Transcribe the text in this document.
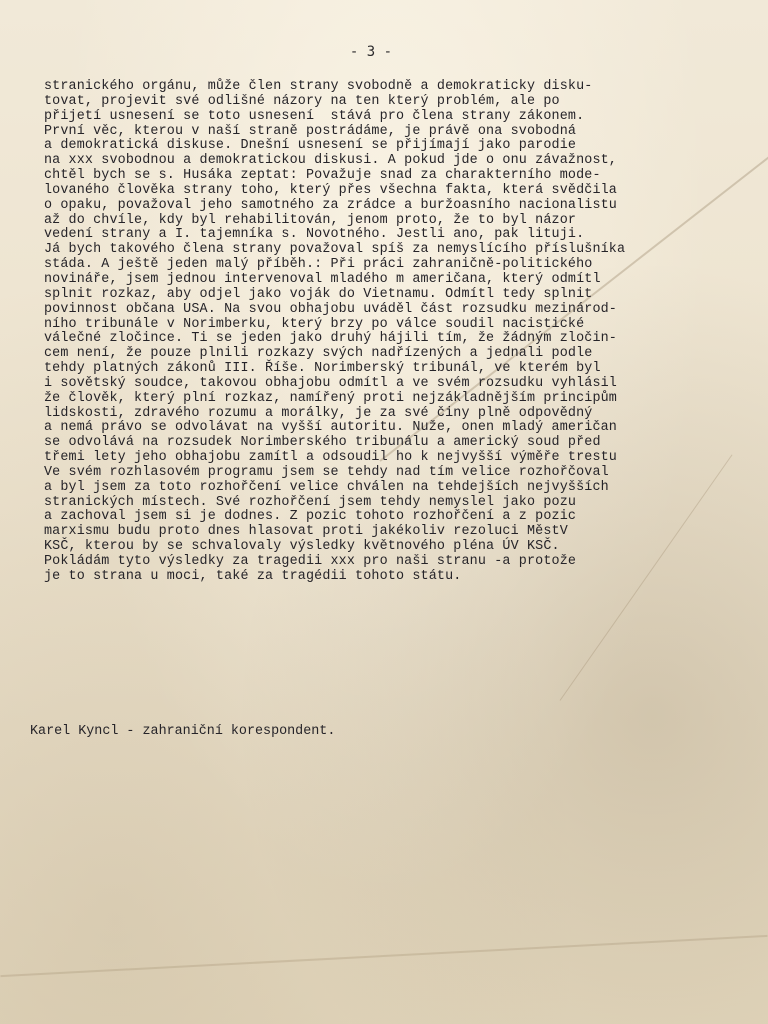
- 3 -
stranického orgánu, může člen strany svobodně a demokraticky disku-
tovat, projevit své odlišné názory na ten který problém, ale po
přijetí usnesení se toto usnesení  stává pro člena strany zákonem.
První věc, kterou v naší straně postrádáme, je právě ona svobodná
a demokratická diskuse. Dnešní usnesení se přijímají jako parodie
na xxx svobodnou a demokratickou diskusi. A pokud jde o onu závažnost,
chtěl bych se s. Husáka zeptat: Považuje snad za charakterního mode-
lovaného člověka strany toho, který přes všechna fakta, která svědčila
o opaku, považoval jeho samotného za zrádce a buržoasního nacionalistu
až do chvíle, kdy byl rehabilitován, jenom proto, že to byl názor
vedení strany a I. tajemníka s. Novotného. Jestli ano, pak lituji.
Já bych takového člena strany považoval spíš za nemyslícího příslušníka
stáda. A ještě jeden malý příběh.: Při práci zahraničně-politického
novináře, jsem jednou intervenoval mladého m američana, který odmítl
splnit rozkaz, aby odjel jako voják do Vietnamu. Odmítl tedy splnit
povinnost občana USA. Na svou obhajobu uváděl část rozsudku mezinárod-
ního tribunále v Norimberku, který brzy po válce soudil nacistické
válečné zločince. Ti se jeden jako druhý hájili tím, že žádným zločin-
cem není, že pouze plnili rozkazy svých nadřízených a jednali podle
tehdy platných zákonů III. Říše. Norimberský tribunál, ve kterém byl
i sovětský soudce, takovou obhajobu odmítl a ve svém rozsudku vyhlásil
že člověk, který plní rozkaz, namířený proti nejzákladnějším principům
lidskosti, zdravého rozumu a morálky, je za své činy plně odpovědný
a nemá právo se odvolávat na vyšší autoritu. Nuže, onen mladý američan
se odvolává na rozsudek Norimberského tribunálu a americký soud před
třemi lety jeho obhajobu zamítl a odsoudil ho k nejvyšší výměře trestu
Ve svém rozhlasovém programu jsem se tehdy nad tím velice rozhořčoval
a byl jsem za toto rozhořčení velice chválen na tehdejších nejvyšších
stranických místech. Své rozhořčení jsem tehdy nemyslel jako pozu
a zachoval jsem si je dodnes. Z pozic tohoto rozhořčení a z pozic
marxismu budu proto dnes hlasovat proti jakékoliv rezoluci MěstV
KSČ, kterou by se schvalovaly výsledky květnového pléna ÚV KSČ.
Pokládám tyto výsledky za tragedii xxx pro naši stranu -a protože
je to strana u moci, také za tragédii tohoto státu.
Karel Kyncl - zahraniční korespondent.
